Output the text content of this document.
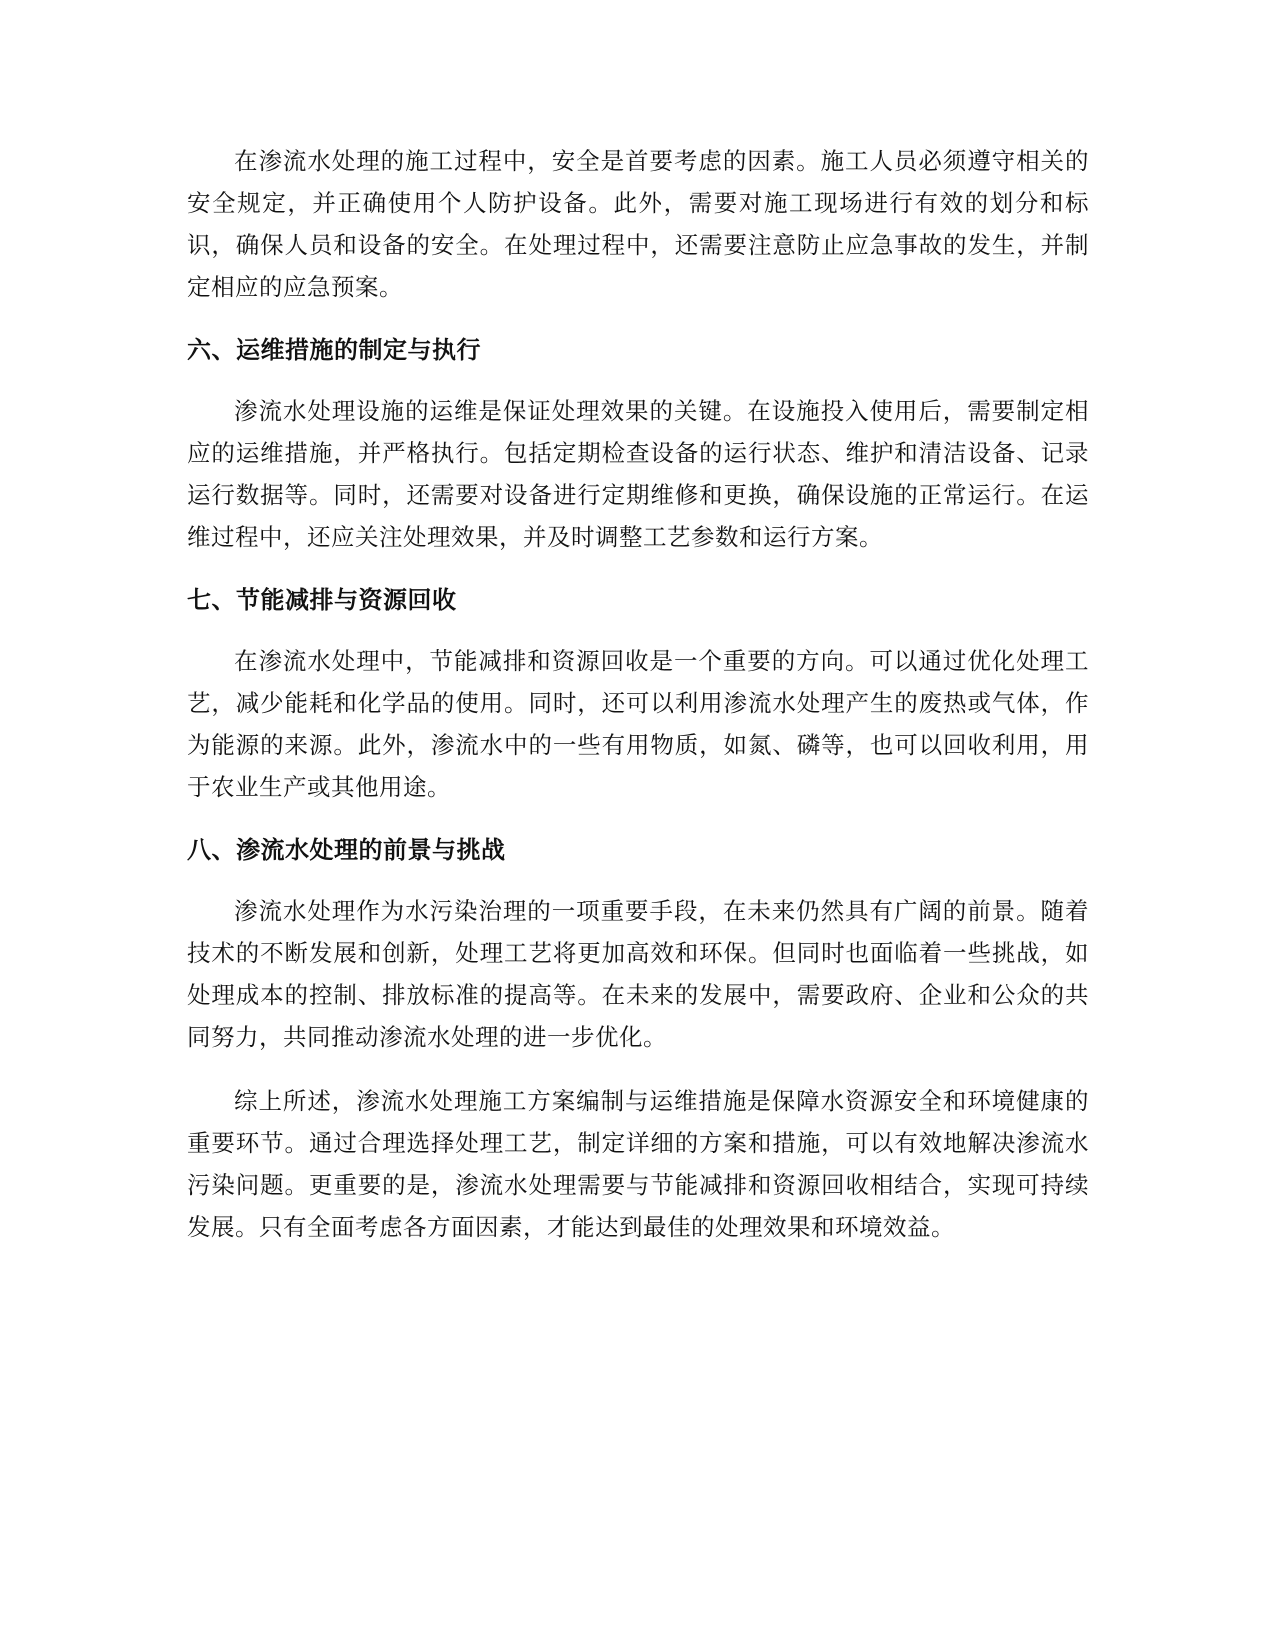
在渗流水处理的施工过程中，安全是首要考虑的因素。施工人员必须遵守相关的安全规定，并正确使用个人防护设备。此外，需要对施工现场进行有效的划分和标识，确保人员和设备的安全。在处理过程中，还需要注意防止应急事故的发生，并制定相应的应急预案。

六、运维措施的制定与执行

渗流水处理设施的运维是保证处理效果的关键。在设施投入使用后，需要制定相应的运维措施，并严格执行。包括定期检查设备的运行状态、维护和清洁设备、记录运行数据等。同时，还需要对设备进行定期维修和更换，确保设施的正常运行。在运维过程中，还应关注处理效果，并及时调整工艺参数和运行方案。

七、节能减排与资源回收

在渗流水处理中，节能减排和资源回收是一个重要的方向。可以通过优化处理工艺，减少能耗和化学品的使用。同时，还可以利用渗流水处理产生的废热或气体，作为能源的来源。此外，渗流水中的一些有用物质，如氮、磷等，也可以回收利用，用于农业生产或其他用途。

八、渗流水处理的前景与挑战

渗流水处理作为水污染治理的一项重要手段，在未来仍然具有广阔的前景。随着技术的不断发展和创新，处理工艺将更加高效和环保。但同时也面临着一些挑战，如处理成本的控制、排放标准的提高等。在未来的发展中，需要政府、企业和公众的共同努力，共同推动渗流水处理的进一步优化。

综上所述，渗流水处理施工方案编制与运维措施是保障水资源安全和环境健康的重要环节。通过合理选择处理工艺，制定详细的方案和措施，可以有效地解决渗流水污染问题。更重要的是，渗流水处理需要与节能减排和资源回收相结合，实现可持续发展。只有全面考虑各方面因素，才能达到最佳的处理效果和环境效益。
